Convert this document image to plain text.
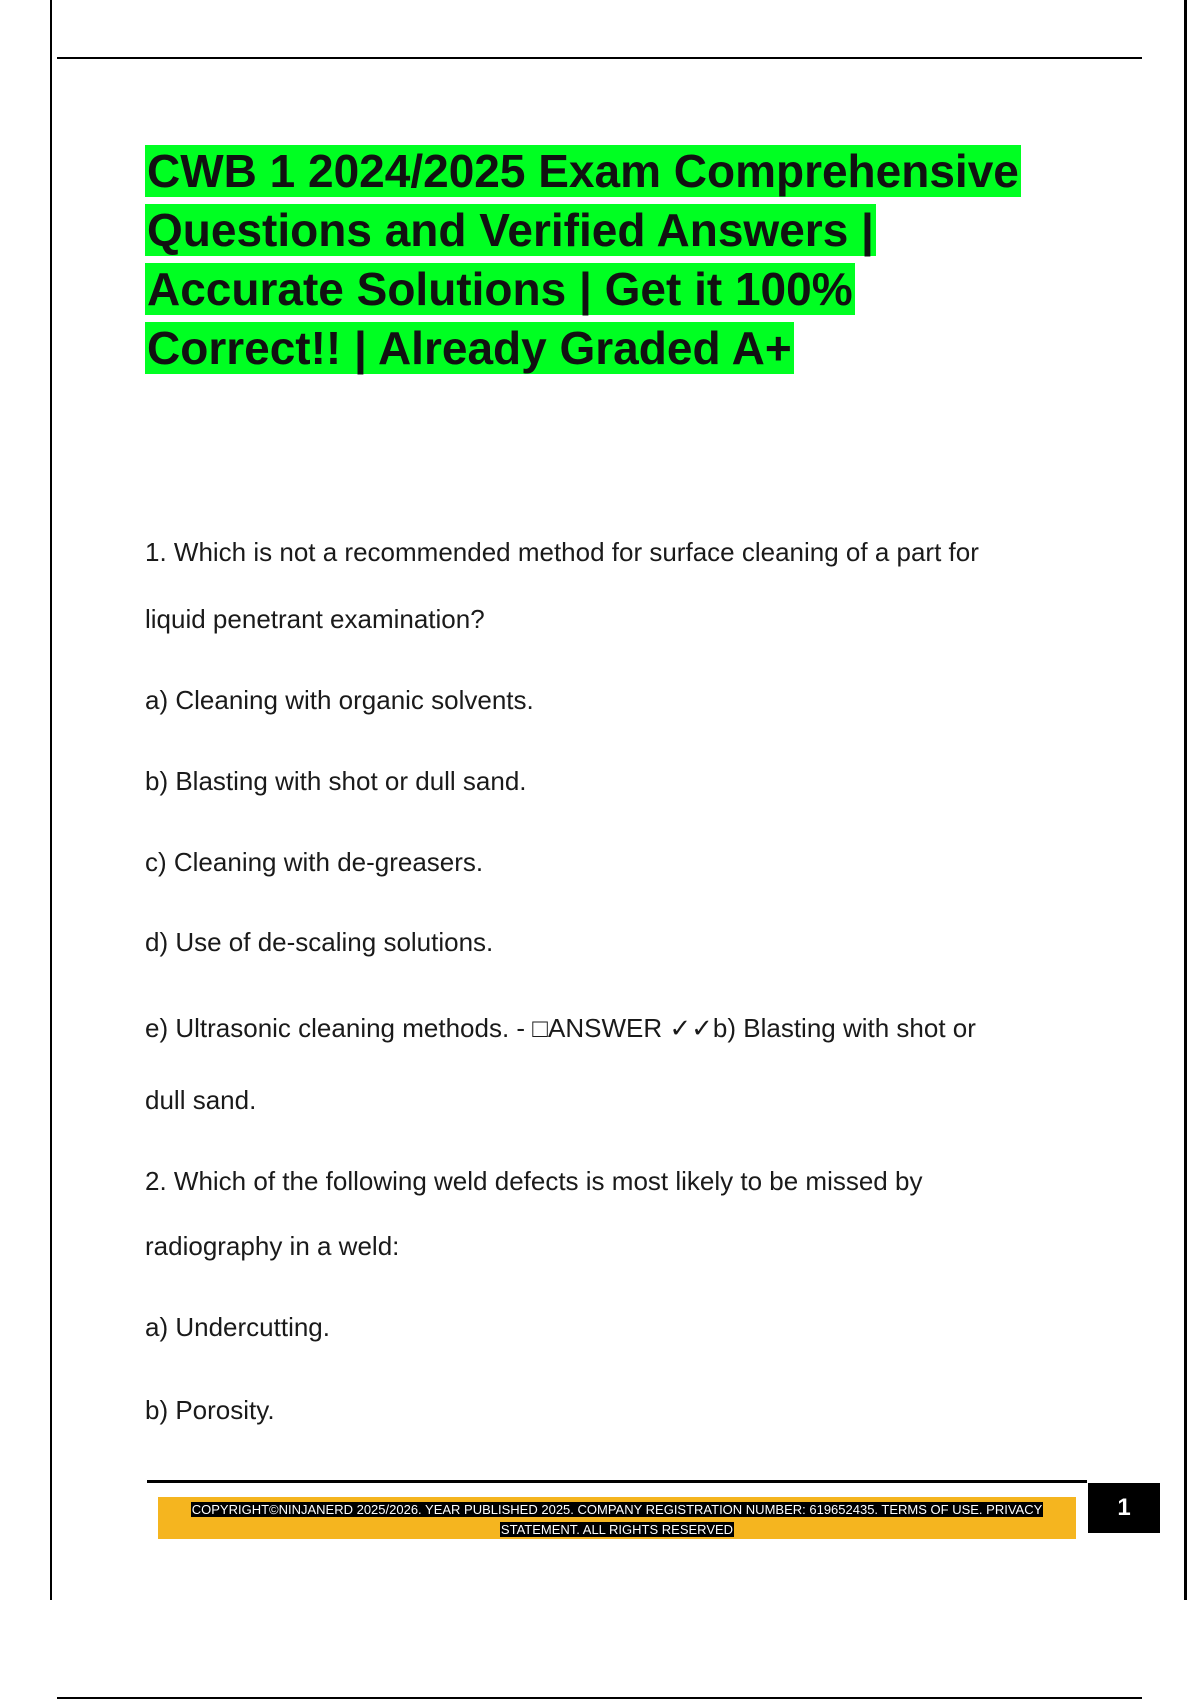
CWB 1 2024/2025 Exam Comprehensive
Questions and Verified Answers |
Accurate Solutions | Get it 100%
Correct!! | Already Graded A+
1. Which is not a recommended method for surface cleaning of a part for
liquid penetrant examination?
a) Cleaning with organic solvents.
b) Blasting with shot or dull sand.
c) Cleaning with de-greasers.
d) Use of de-scaling solutions.
e) Ultrasonic cleaning methods. - □ANSWER ✓✓b) Blasting with shot or
dull sand.
2. Which of the following weld defects is most likely to be missed by
radiography in a weld:
a) Undercutting.
b) Porosity.
COPYRIGHT©NINJANERD 2025/2026. YEAR PUBLISHED 2025. COMPANY REGISTRATION NUMBER: 619652435. TERMS OF USE. PRIVACY
STATEMENT. ALL RIGHTS RESERVED
1
